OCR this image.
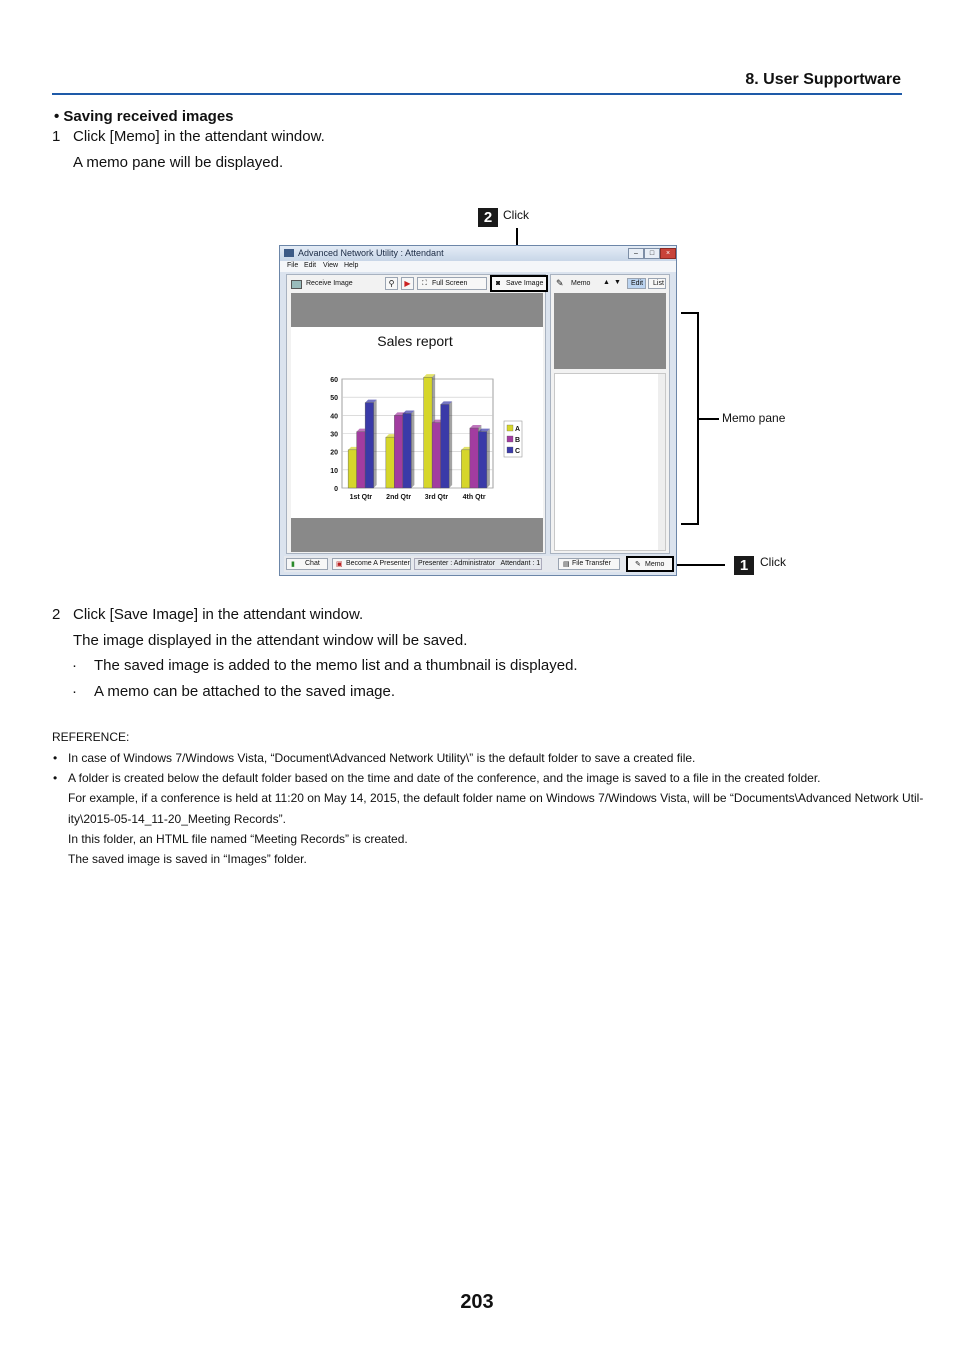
8. User Supportware
• Saving received images
1 Click [Memo] in the attendant window.
A memo pane will be displayed.
2 Click
Memo pane
1 Click
Advanced Network Utility : Attendant	–	□	×
File Edit View Help
Receive Image	⚲	▶	⛶ Full Screen	◙ Save Image
Sales report
0
10
20
30
40
50
60
1st Qtr 2nd Qtr 3rd Qtr 4th Qtr
A
B
C
✎ Memo ▲ ▼ Edit List
▮ Chat ▣ Become A Presenter Presenter : Administrator   Attendant : 1	▤ File Transfer	✎ Memo
2 Click [Save Image] in the attendant window.
The image displayed in the attendant window will be saved.
· The saved image is added to the memo list and a thumbnail is displayed.
· A memo can be attached to the saved image.
REFERENCE:
• In case of Windows 7/Windows Vista, “Document\Advanced Network Utility\” is the default folder to save a created file.
• A folder is created below the default folder based on the time and date of the conference, and the image is saved to a file in the created folder.
For example, if a conference is held at 11:20 on May 14, 2015, the default folder name on Windows 7/Windows Vista, will be “Documents\Advanced Network Util-
ity\2015-05-14_11-20_Meeting Records”.
In this folder, an HTML file named “Meeting Records” is created.
The saved image is saved in “Images” folder.
203
